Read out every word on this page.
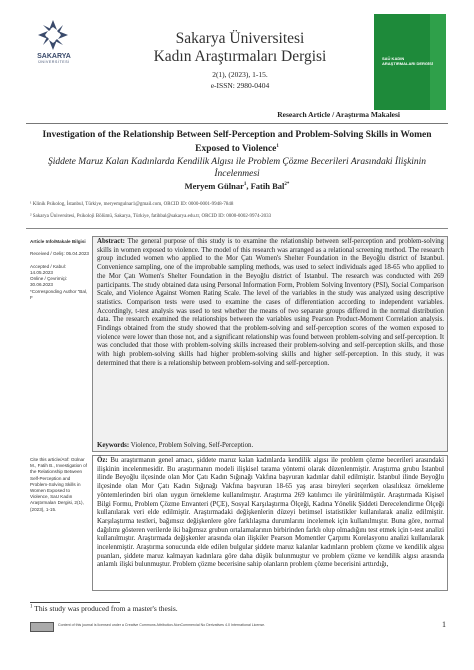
SAKARYA
ÜNİVERSİTESİ
Sakarya Üniversitesi
Kadın Araştırmaları Dergisi
2(1), (2023), 1-15.
e-ISSN: 2980-0404
SAÜ KADIN ARAŞTIRMALARI DERGİSİ
Research Article / Araştırma Makalesi
Investigation of the Relationship Between Self-Perception and Problem-Solving Skills in Women Exposed to Violence$^1$
Şiddete Maruz Kalan Kadınlarda Kendilik Algısı ile Problem Çözme Becerileri Arasındaki İlişkinin İncelenmesi
Meryem Gülnar$^1$, Fatih Bal$^{2*}$
¹ Klinik Psikolog, İstanbul, Türkiye, meryemgulnar1@gmail.com, ORCID ID: 0000-0001-9948-7848
² Sakarya Üniversitesi, Psikoloji Bölümü, Sakarya, Türkiye, fatihbal@sakarya.edu.tr, ORCID ID: 0000-0002-9974-2033
Article Info/Makale Bilgisi

Received / Geliş: 05.04.2023

Accepted / Kabul: 14.05.2023
Online / Çevrimiçi: 30.06.2023
*Corresponding Author “Bal, F
Cite this article/Atıf: Gülnar M., Fatih B., Investigation of the Relationship Between Self-Perception and Problem-Solving Skills in Women Exposed to Violence, SaU Kadın Araştırmaları Dergisi, 2(1), (2023), 1-15.
Abstract: The general purpose of this study is to examine the relationship between self-perception and problem-solving skills in women exposed to violence. The model of this research was arranged as a relational screening method. The research group included women who applied to the Mor Çatı Women's Shelter Foundation in the Beyoğlu district of Istanbul. Convenience sampling, one of the improbable sampling methods, was used to select individuals aged 18-65 who applied to the Mor Çatı Women's Shelter Foundation in the Beyoğlu district of Istanbul. The research was conducted with 269 participants. The study obtained data using Personal Information Form, Problem Solving Inventory (PSI), Social Comparison Scale, and Violence Against Women Rating Scale. The level of the variables in the study was analyzed using descriptive statistics. Comparison tests were used to examine the cases of differentiation according to independent variables. Accordingly, t-test analysis was used to test whether the means of two separate groups differed in the normal distribution data. The research examined the relationships between the variables using Pearson Product-Moment Correlation analysis. Findings obtained from the study showed that the problem-solving and self-perception scores of the women exposed to violence were lower than those not, and a significant relationship was found between problem-solving and self-perception. It was concluded that those with problem-solving skills increased their problem-solving and self-perception skills, and those with high problem-solving skills had higher problem-solving skills and higher self-perception. In this study, it was determined that there is a relationship between problem-solving and self-perception.
Keywords: Violence, Problem Solving, Self-Perception.
Öz: Bu araştırmanın genel amacı, şiddete maruz kalan kadınlarda kendilik algısı ile problem çözme becerileri arasındaki ilişkinin incelenmesidir. Bu araştırmanın modeli ilişkisel tarama yöntemi olarak düzenlenmiştir. Araştırma grubu İstanbul ilinde Beyoğlu ilçesinde olan Mor Çatı Kadın Sığınağı Vakfına başvuran kadınlar dahil edilmiştir. İstanbul ilinde Beyoğlu ilçesinde olan Mor Çatı Kadın Sığınağı Vakfına başvuran 18-65 yaş arası bireyleri seçerken olasılıksız örnekleme yöntemlerinden biri olan uygun örnekleme kullanılmıştır. Araştırma 269 katılımcı ile yürütülmüştür. Araştırmada Kişisel Bilgi Formu, Problem Çözme Envanteri (PÇE), Sosyal Karşılaştırma Ölçeği, Kadına Yönelik Şiddeti Derecelendirme Ölçeği kullanılarak veri elde edilmiştir. Araştırmadaki değişkenlerin düzeyi betimsel istatistikler kullanılarak analiz edilmiştir. Karşılaştırma testleri, bağımsız değişkenlere göre farklılaşma durumlarını incelemek için kullanılmıştır. Buna göre, normal dağılımı gösteren verilerde iki bağımsız grubun ortalamalarının birbirinden farklı olup olmadığını test etmek için t-test analizi kullanılmıştır. Araştırmada değişkenler arasında olan ilişkiler Pearson Momentler Çarpımı Korelasyonu analizi kullanılarak incelenmiştir. Araştırma sonucunda elde edilen bulgular şiddete maruz kalanlar kadınların problem çözme ve kendilik algısı puanları, şiddete maruz kalmayan kadınlara göre daha düşük bulunmuştur ve problem çözme ve kendilik algısı arasında anlamlı ilişki bulunmuştur. Problem çözme becerisine sahip olanların problem çözme becerisini arttırdığı,
$^1$ This study was produced from a master's thesis.
Content of this journal is licensed under a Creative Commons Attribution-NonCommercial No Derivatives 4.0 International License.	1
